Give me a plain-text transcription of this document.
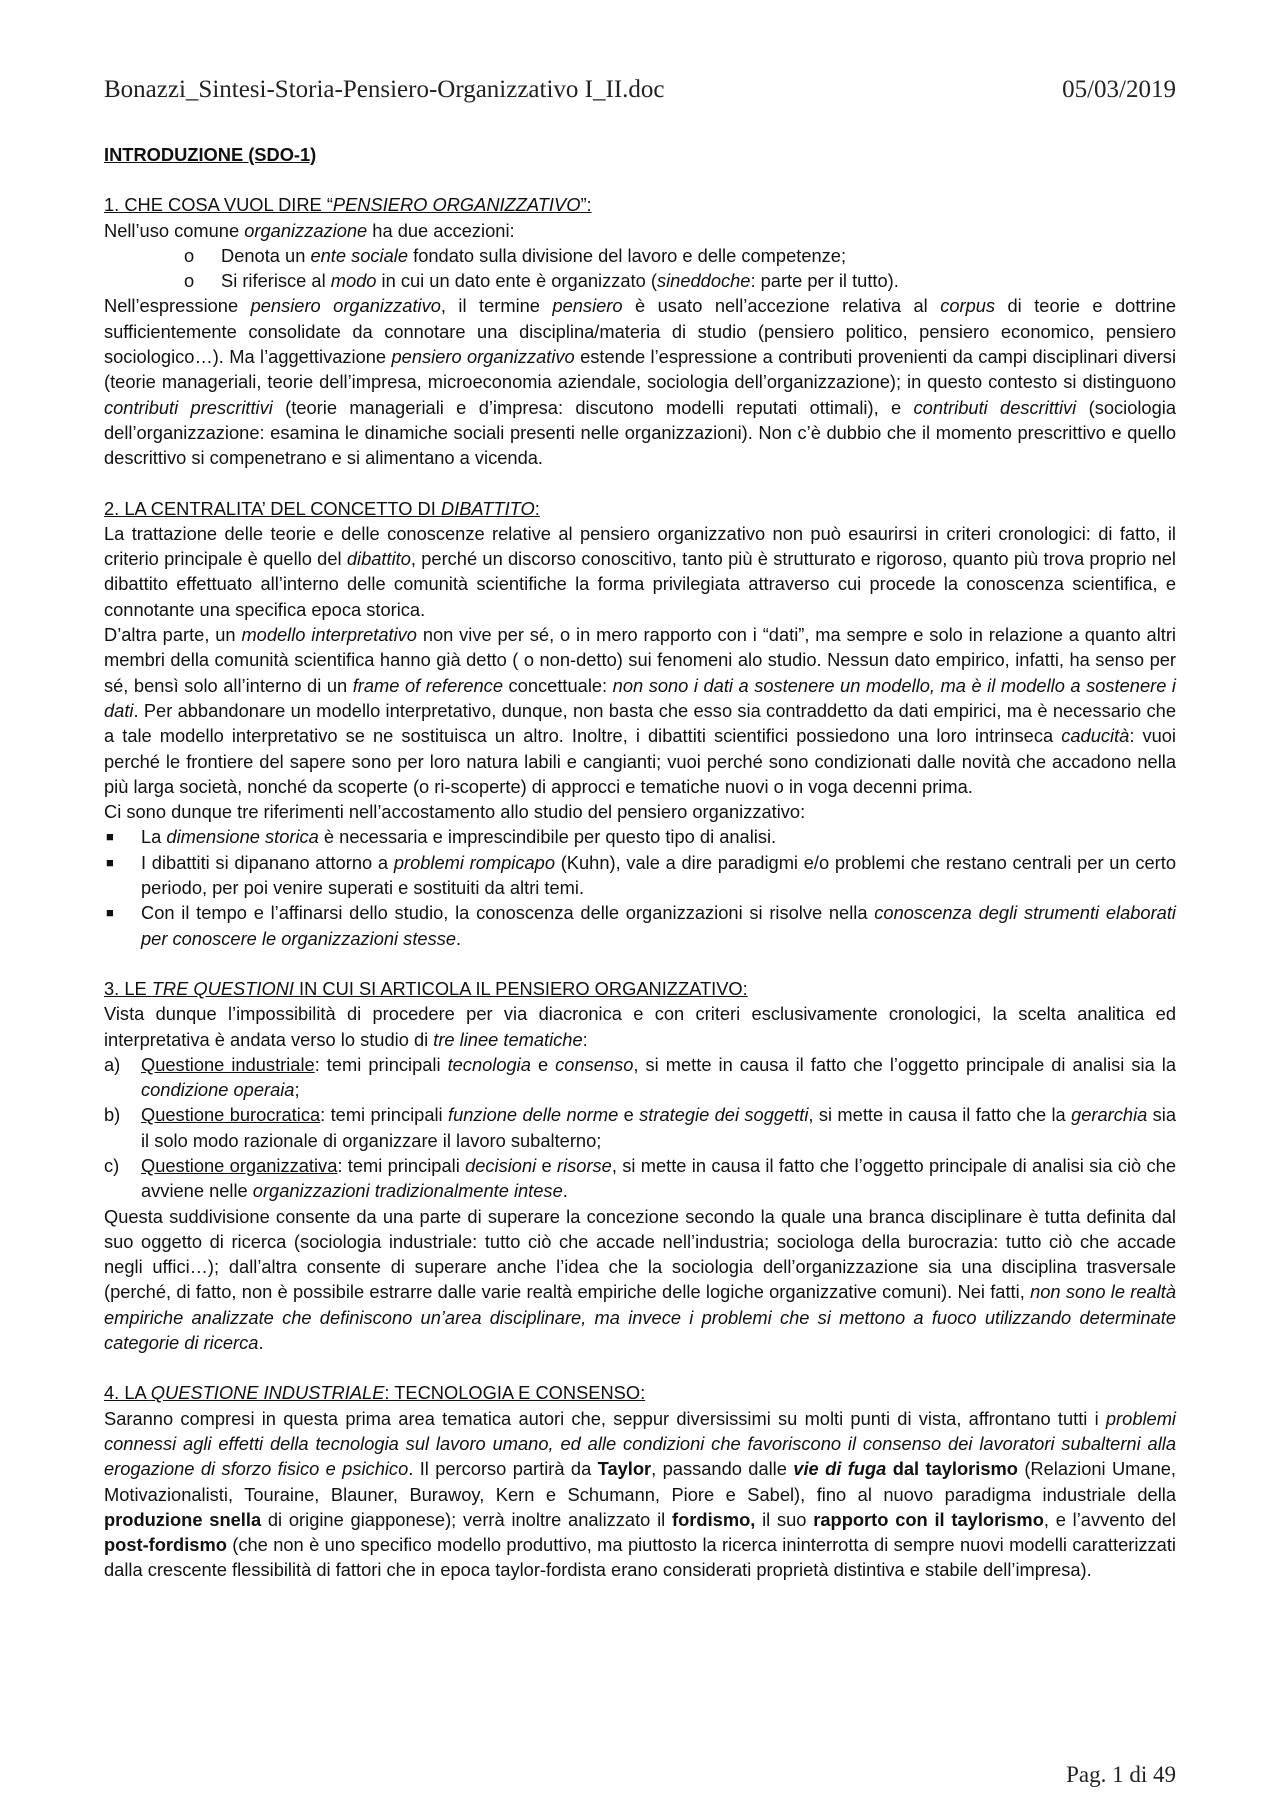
Bonazzi_Sintesi-Storia-Pensiero-Organizzativo I_II.doc	05/03/2019

INTRODUZIONE (SDO-1)

1. CHE COSA VUOL DIRE “PENSIERO ORGANIZZATIVO”:

Nell’uso comune organizzazione ha due accezioni:

o Denota un ente sociale fondato sulla divisione del lavoro e delle competenze;
o Si riferisce al modo in cui un dato ente è organizzato (sineddoche: parte per il tutto).

Nell’espressione pensiero organizzativo, il termine pensiero è usato nell’accezione relativa al corpus di teorie e dottrine sufficientemente consolidate da connotare una disciplina/materia di studio (pensiero politico, pensiero economico, pensiero sociologico…). Ma l’aggettivazione pensiero organizzativo estende l’espressione a contributi provenienti da campi disciplinari diversi (teorie manageriali, teorie dell’impresa, microeconomia aziendale, sociologia dell’organizzazione); in questo contesto si distinguono contributi prescrittivi (teorie manageriali e d’impresa: discutono modelli reputati ottimali), e contributi descrittivi (sociologia dell’organizzazione: esamina le dinamiche sociali presenti nelle organizzazioni). Non c’è dubbio che il momento prescrittivo e quello descrittivo si compenetrano e si alimentano a vicenda.

2. LA CENTRALITA’ DEL CONCETTO DI DIBATTITO:

La trattazione delle teorie e delle conoscenze relative al pensiero organizzativo non può esaurirsi in criteri cronologici: di fatto, il criterio principale è quello del dibattito, perché un discorso conoscitivo, tanto più è strutturato e rigoroso, quanto più trova proprio nel dibattito effettuato all’interno delle comunità scientifiche la forma privilegiata attraverso cui procede la conoscenza scientifica, e connotante una specifica epoca storica.

D’altra parte, un modello interpretativo non vive per sé, o in mero rapporto con i “dati”, ma sempre e solo in relazione a quanto altri membri della comunità scientifica hanno già detto ( o non-detto) sui fenomeni alo studio. Nessun dato empirico, infatti, ha senso per sé, bensì solo all’interno di un frame of reference concettuale: non sono i dati a sostenere un modello, ma è il modello a sostenere i dati. Per abbandonare un modello interpretativo, dunque, non basta che esso sia contraddetto da dati empirici, ma è necessario che a tale modello interpretativo se ne sostituisca un altro. Inoltre, i dibattiti scientifici possiedono una loro intrinseca caducità: vuoi perché le frontiere del sapere sono per loro natura labili e cangianti; vuoi perché sono condizionati dalle novità che accadono nella più larga società, nonché da scoperte (o ri-scoperte) di approcci e tematiche nuovi o in voga decenni prima.

Ci sono dunque tre riferimenti nell’accostamento allo studio del pensiero organizzativo:

■ La dimensione storica è necessaria e imprescindibile per questo tipo di analisi.
■ I dibattiti si dipanano attorno a problemi rompicapo (Kuhn), vale a dire paradigmi e/o problemi che restano centrali per un certo periodo, per poi venire superati e sostituiti da altri temi.
■ Con il tempo e l’affinarsi dello studio, la conoscenza delle organizzazioni si risolve nella conoscenza degli strumenti elaborati per conoscere le organizzazioni stesse.

3. LE TRE QUESTIONI IN CUI SI ARTICOLA IL PENSIERO ORGANIZZATIVO:

Vista dunque l’impossibilità di procedere per via diacronica e con criteri esclusivamente cronologici, la scelta analitica ed interpretativa è andata verso lo studio di tre linee tematiche:

a) Questione industriale: temi principali tecnologia e consenso, si mette in causa il fatto che l’oggetto principale di analisi sia la condizione operaia;
b) Questione burocratica: temi principali funzione delle norme e strategie dei soggetti, si mette in causa il fatto che la gerarchia sia il solo modo razionale di organizzare il lavoro subalterno;
c) Questione organizzativa: temi principali decisioni e risorse, si mette in causa il fatto che l’oggetto principale di analisi sia ciò che avviene nelle organizzazioni tradizionalmente intese.

Questa suddivisione consente da una parte di superare la concezione secondo la quale una branca disciplinare è tutta definita dal suo oggetto di ricerca (sociologia industriale: tutto ciò che accade nell’industria; sociologa della burocrazia: tutto ciò che accade negli uffici…); dall’altra consente di superare anche l’idea che la sociologia dell’organizzazione sia una disciplina trasversale (perché, di fatto, non è possibile estrarre dalle varie realtà empiriche delle logiche organizzative comuni). Nei fatti, non sono le realtà empiriche analizzate che definiscono un’area disciplinare, ma invece i problemi che si mettono a fuoco utilizzando determinate categorie di ricerca.

4. LA QUESTIONE INDUSTRIALE: TECNOLOGIA E CONSENSO:

Saranno compresi in questa prima area tematica autori che, seppur diversissimi su molti punti di vista, affrontano tutti i problemi connessi agli effetti della tecnologia sul lavoro umano, ed alle condizioni che favoriscono il consenso dei lavoratori subalterni alla erogazione di sforzo fisico e psichico. Il percorso partirà da Taylor, passando dalle vie di fuga dal taylorismo (Relazioni Umane, Motivazionalisti, Touraine, Blauner, Burawoy, Kern e Schumann, Piore e Sabel), fino al nuovo paradigma industriale della produzione snella di origine giapponese); verrà inoltre analizzato il fordismo, il suo rapporto con il taylorismo, e l’avvento del post-fordismo (che non è uno specifico modello produttivo, ma piuttosto la ricerca ininterrotta di sempre nuovi modelli caratterizzati dalla crescente flessibilità di fattori che in epoca taylor-fordista erano considerati proprietà distintiva e stabile dell’impresa).

Pag. 1 di 49
